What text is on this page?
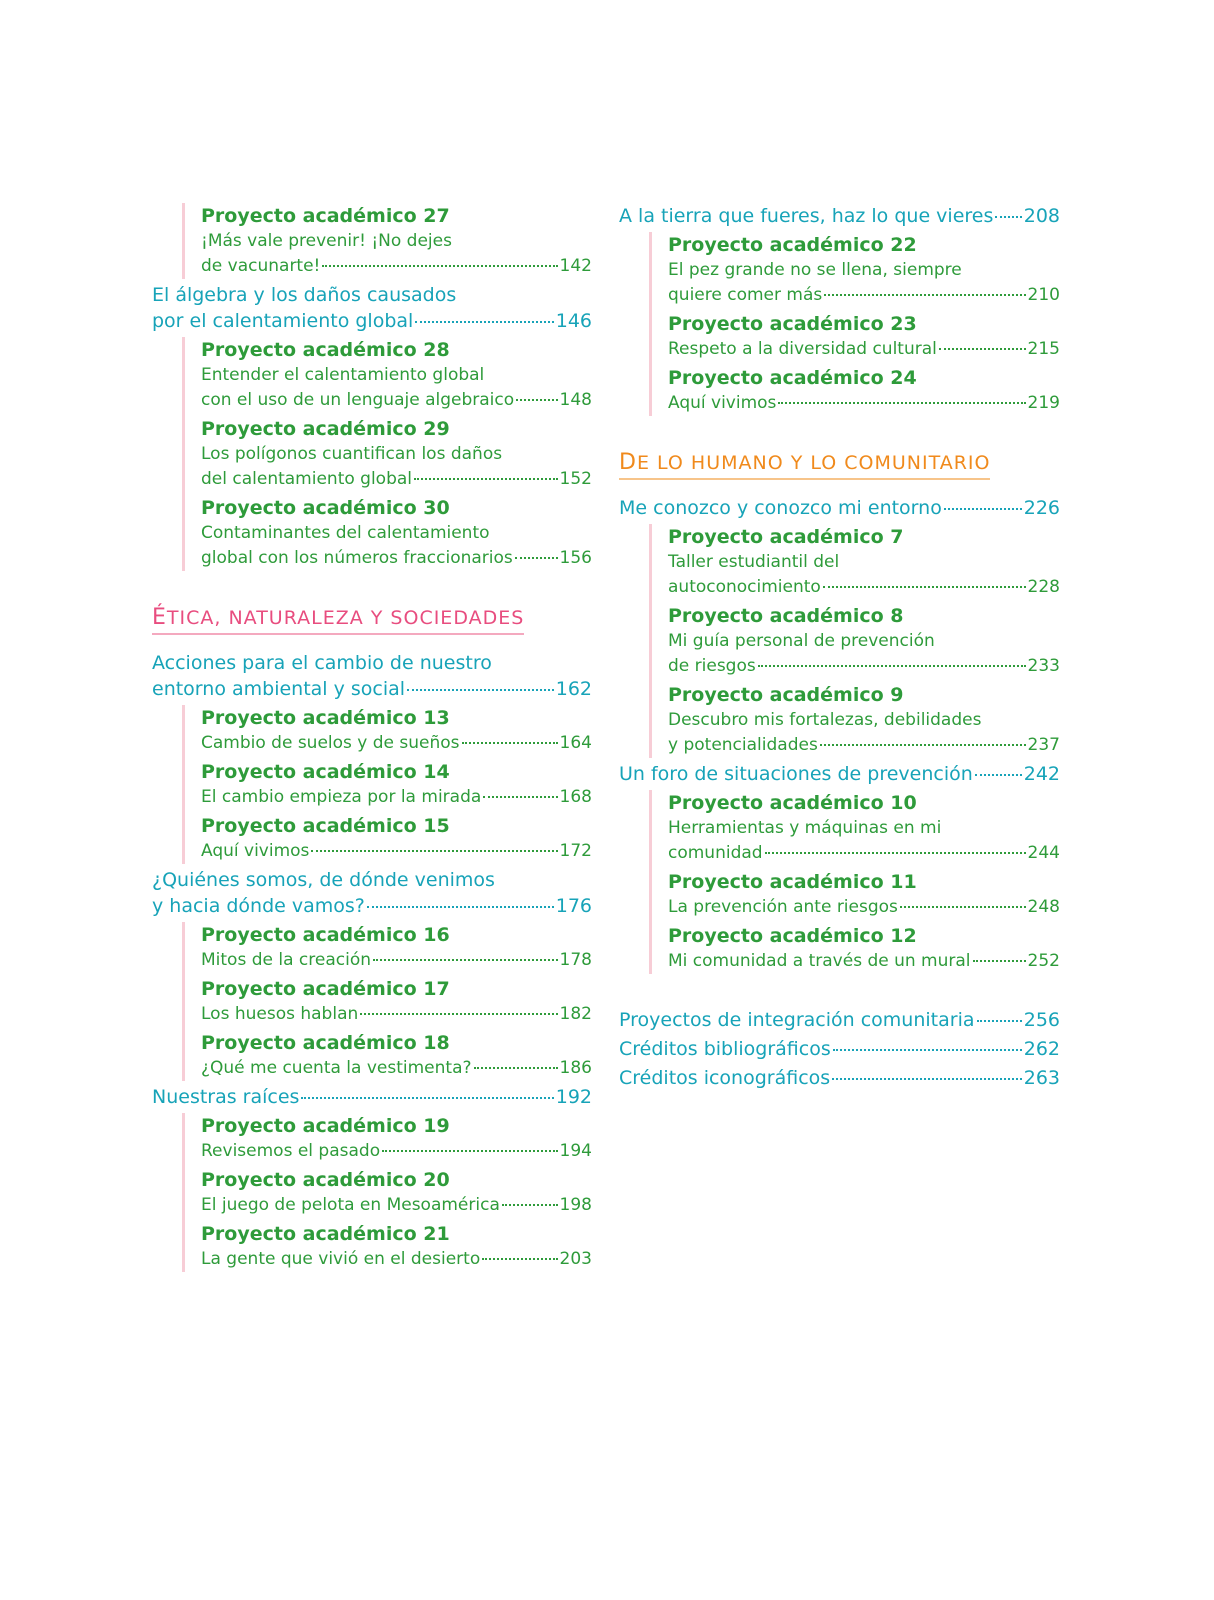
Proyecto académico 27
¡Más vale prevenir! ¡No dejes
de vacunarte!	142
El álgebra y los daños causados
por el calentamiento global	146
Proyecto académico 28
Entender el calentamiento global
con el uso de un lenguaje algebraico	148
Proyecto académico 29
Los polígonos cuantifican los daños
del calentamiento global	152
Proyecto académico 30
Contaminantes del calentamiento
global con los números fraccionarios	156
ÉTICA, NATURALEZA Y SOCIEDADES
Acciones para el cambio de nuestro
entorno ambiental y social	162
Proyecto académico 13
Cambio de suelos y de sueños	164
Proyecto académico 14
El cambio empieza por la mirada	168
Proyecto académico 15
Aquí vivimos	172
¿Quiénes somos, de dónde venimos
y hacia dónde vamos?	176
Proyecto académico 16
Mitos de la creación	178
Proyecto académico 17
Los huesos hablan	182
Proyecto académico 18
¿Qué me cuenta la vestimenta?	186
Nuestras raíces	192
Proyecto académico 19
Revisemos el pasado	194
Proyecto académico 20
El juego de pelota en Mesoamérica	198
Proyecto académico 21
La gente que vivió en el desierto	203
A la tierra que fueres, haz lo que vieres 208
Proyecto académico 22
El pez grande no se llena, siempre
quiere comer más	210
Proyecto académico 23
Respeto a la diversidad cultural	215
Proyecto académico 24
Aquí vivimos	219
DE LO HUMANO Y LO COMUNITARIO
Me conozco y conozco mi entorno	226
Proyecto académico 7
Taller estudiantil del
autoconocimiento	228
Proyecto académico 8
Mi guía personal de prevención
de riesgos	233
Proyecto académico 9
Descubro mis fortalezas, debilidades
y potencialidades	237
Un foro de situaciones de prevención	242
Proyecto académico 10
Herramientas y máquinas en mi
comunidad	244
Proyecto académico 11
La prevención ante riesgos	248
Proyecto académico 12
Mi comunidad a través de un mural	252
Proyectos de integración comunitaria	256
Créditos bibliográficos	262
Créditos iconográficos	263
